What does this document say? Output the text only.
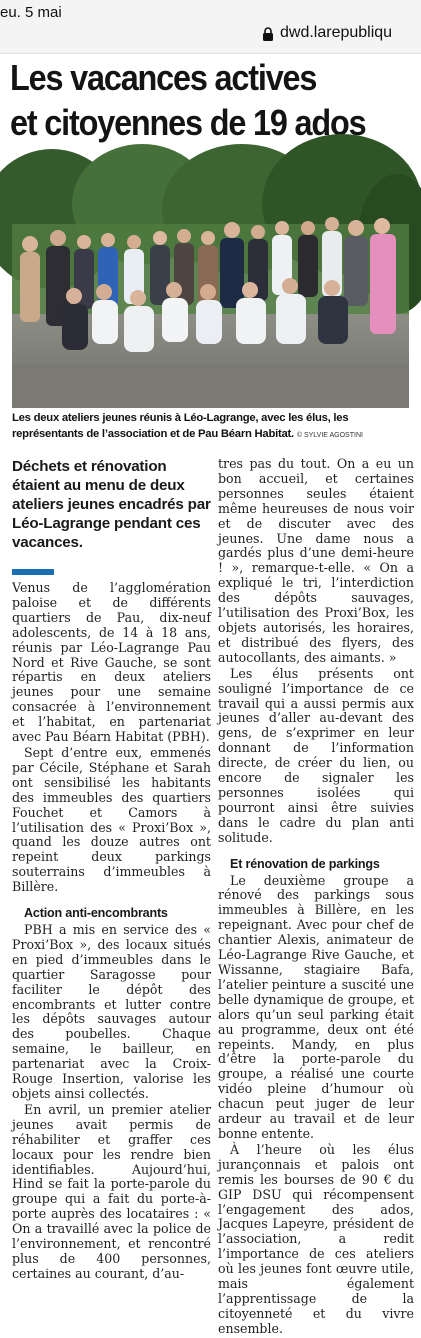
eu. 5 mai
dwd.larepubliqu
Les vacances actives
et citoyennes de 19 ados
Les deux ateliers jeunes réunis à Léo-Lagrange, avec les élus, les représentants de l’association et de Pau Béarn Habitat. © SYLVIE AGOSTINI
Déchets et rénovation étaient au menu de deux ateliers jeunes encadrés par Léo-Lagrange pendant ces vacances.

Venus de l’agglomération paloise et de différents quartiers de Pau, dix-neuf adolescents, de 14 à 18 ans, réunis par Léo-Lagrange Pau Nord et Rive Gauche, se sont répartis en deux ateliers jeunes pour une semaine consacrée à l’environnement et l’habitat, en partenariat avec Pau Béarn Habitat (PBH).

Sept d’entre eux, emmenés par Cécile, Stéphane et Sarah ont sensibilisé les habitants des immeubles des quartiers Fouchet et Camors à l’utilisation des « Proxi’Box », quand les douze autres ont repeint deux parkings souterrains d’immeubles à Billère.

Action anti-encombrants

PBH a mis en service des « Proxi’Box », des locaux situés en pied d’immeubles dans le quartier Saragosse pour faciliter le dépôt des encombrants et lutter contre les dépôts sauvages autour des poubelles. Chaque semaine, le bailleur, en partenariat avec la Croix-Rouge Insertion, valorise les objets ainsi collectés.

En avril, un premier atelier jeunes avait permis de réhabiliter et graffer ces locaux pour les rendre bien identifiables. Aujourd’hui, Hind se fait la porte-parole du groupe qui a fait du porte-à-porte auprès des locataires : « On a travaillé avec la police de l’environnement, et rencontré plus de 400 personnes, certaines au courant, d’au-

tres pas du tout. On a eu un bon accueil, et certaines personnes seules étaient même heureuses de nous voir et de discuter avec des jeunes. Une dame nous a gardés plus d’une demi-heure ! », remarque-t-elle. « On a expliqué le tri, l’interdiction des dépôts sauvages, l’utilisation des Proxi’Box, les objets autorisés, les horaires, et distribué des flyers, des autocollants, des aimants. »

Les élus présents ont souligné l’importance de ce travail qui a aussi permis aux jeunes d’aller au-devant des gens, de s’exprimer en leur donnant de l’information directe, de créer du lien, ou encore de signaler les personnes isolées qui pourront ainsi être suivies dans le cadre du plan anti solitude.

Et rénovation de parkings

Le deuxième groupe a rénové des parkings sous immeubles à Billère, en les repeignant. Avec pour chef de chantier Alexis, animateur de Léo-Lagrange Rive Gauche, et Wissanne, stagiaire Bafa, l’atelier peinture a suscité une belle dynamique de groupe, et alors qu’un seul parking était au programme, deux ont été repeints. Mandy, en plus d’être la porte-parole du groupe, a réalisé une courte vidéo pleine d’humour où chacun peut juger de leur ardeur au travail et de leur bonne entente.

À l’heure où les élus jurançonnais et palois ont remis les bourses de 90 € du GIP DSU qui récompensent l’engagement des ados, Jacques Lapeyre, président de l’association, a redit l’importance de ces ateliers où les jeunes font œuvre utile, mais également l’apprentissage de la citoyenneté et du vivre ensemble.
